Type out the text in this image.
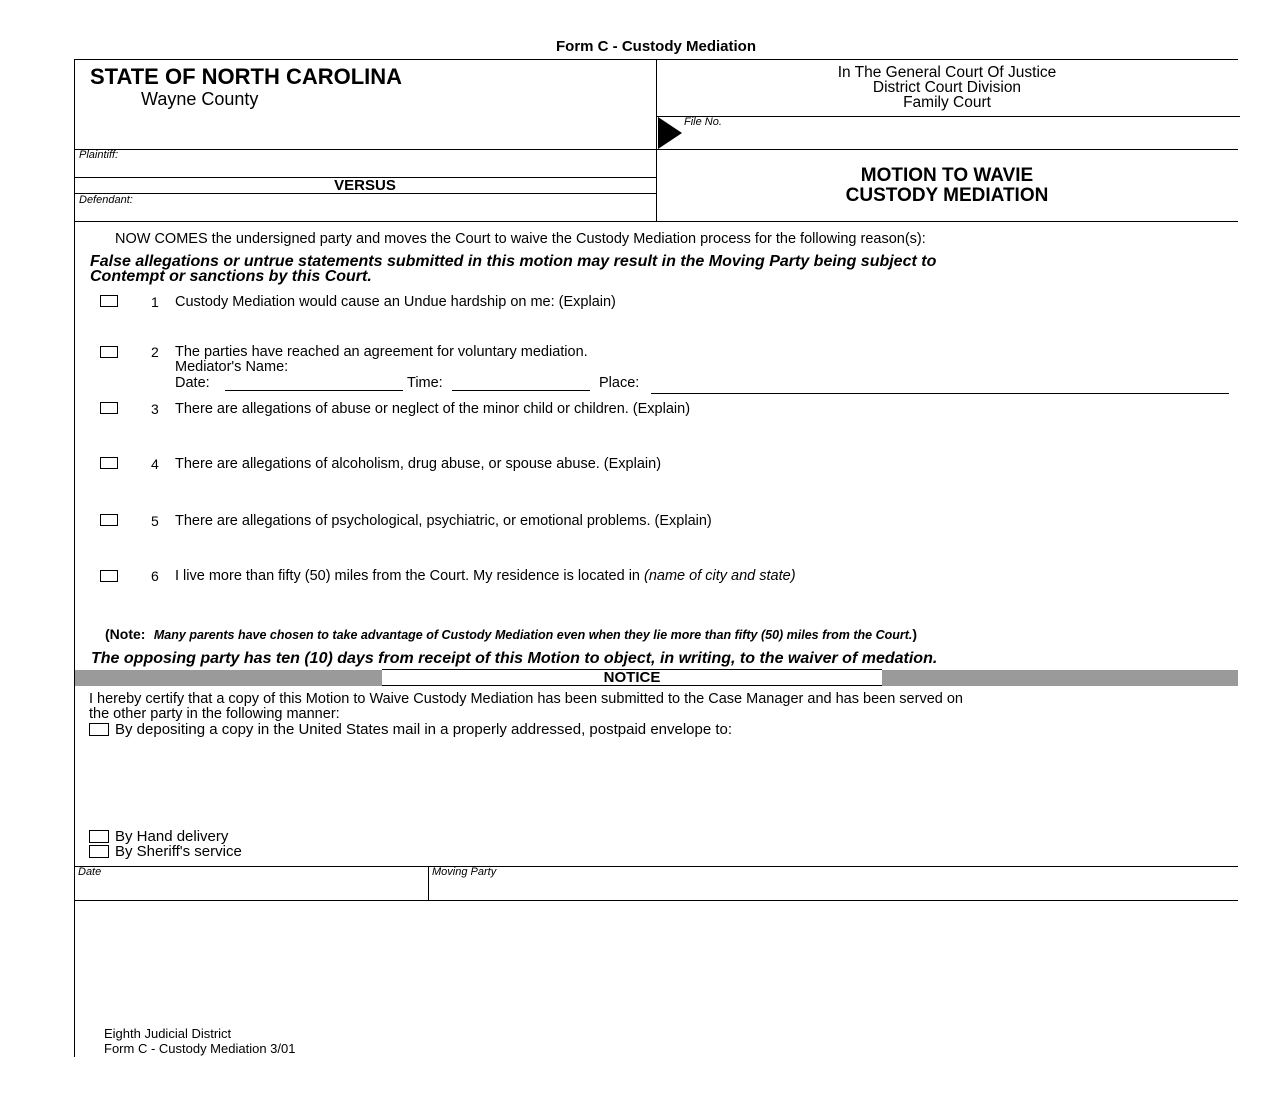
Form C - Custody Mediation
STATE OF NORTH CAROLINA
Wayne County
In The General Court Of Justice
District Court Division
Family Court
File No.
Plaintiff:
VERSUS
Defendant:
MOTION TO WAVIE
CUSTODY MEDIATION
NOW COMES the undersigned party and moves the Court to waive the Custody Mediation process for the following reason(s):
False allegations or untrue statements submitted in this motion may result in the Moving Party being subject to
Contempt or sanctions by this Court.
1 Custody Mediation would cause an Undue hardship on me: (Explain)
2 The parties have reached an agreement for voluntary mediation.
Mediator's Name:
Date:	Time:	Place:
3 There are allegations of abuse or neglect of the minor child or children. (Explain)
4 There are allegations of alcoholism, drug abuse, or spouse abuse. (Explain)
5 There are allegations of psychological, psychiatric, or emotional problems. (Explain)
6 I live more than fifty (50) miles from the Court. My residence is located in (name of city and state)
(Note: Many parents have chosen to take advantage of Custody Mediation even when they lie more than fifty (50) miles from the Court.)
The opposing party has ten (10) days from receipt of this Motion to object, in writing, to the waiver of medation.
NOTICE
I hereby certify that a copy of this Motion to Waive Custody Mediation has been submitted to the Case Manager and has been served on
the other party in the following manner:
By depositing a copy in the United States mail in a properly addressed, postpaid envelope to:
By Hand delivery
By Sheriff's service
Date	Moving Party
Eighth Judicial District
Form C - Custody Mediation 3/01
